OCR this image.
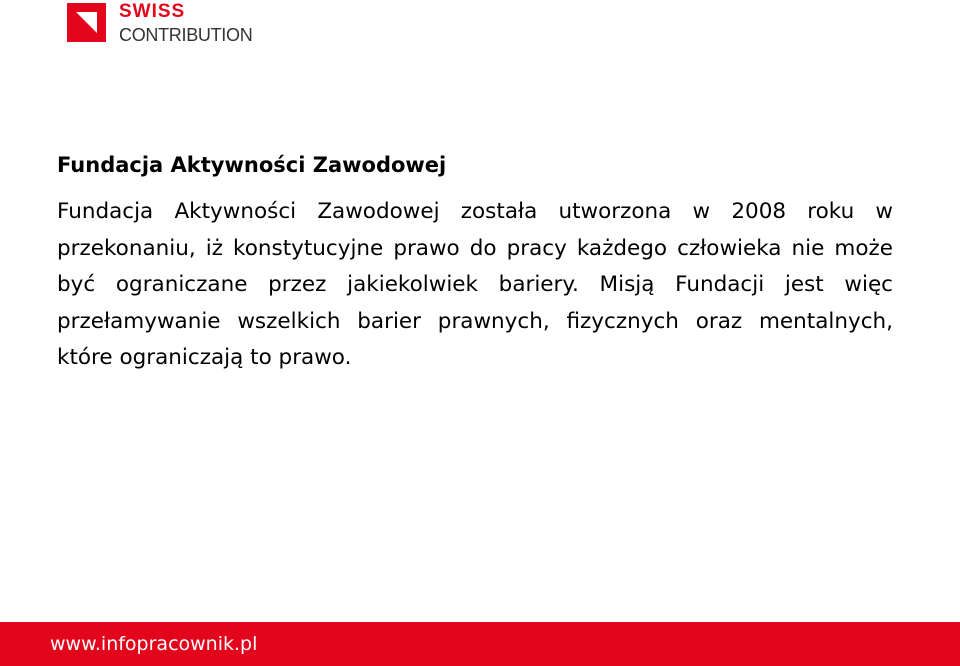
SWISS
CONTRIBUTION
Fundacja Aktywności Zawodowej

Fundacja Aktywności Zawodowej została utworzona w 2008 roku w przekonaniu, iż konstytucyjne prawo do pracy każdego człowieka nie może być ograniczane przez jakiekolwiek bariery. Misją Fundacji jest więc przełamywanie wszelkich barier prawnych, fizycznych oraz mentalnych, które ograniczają to prawo.

www.infopracownik.pl
